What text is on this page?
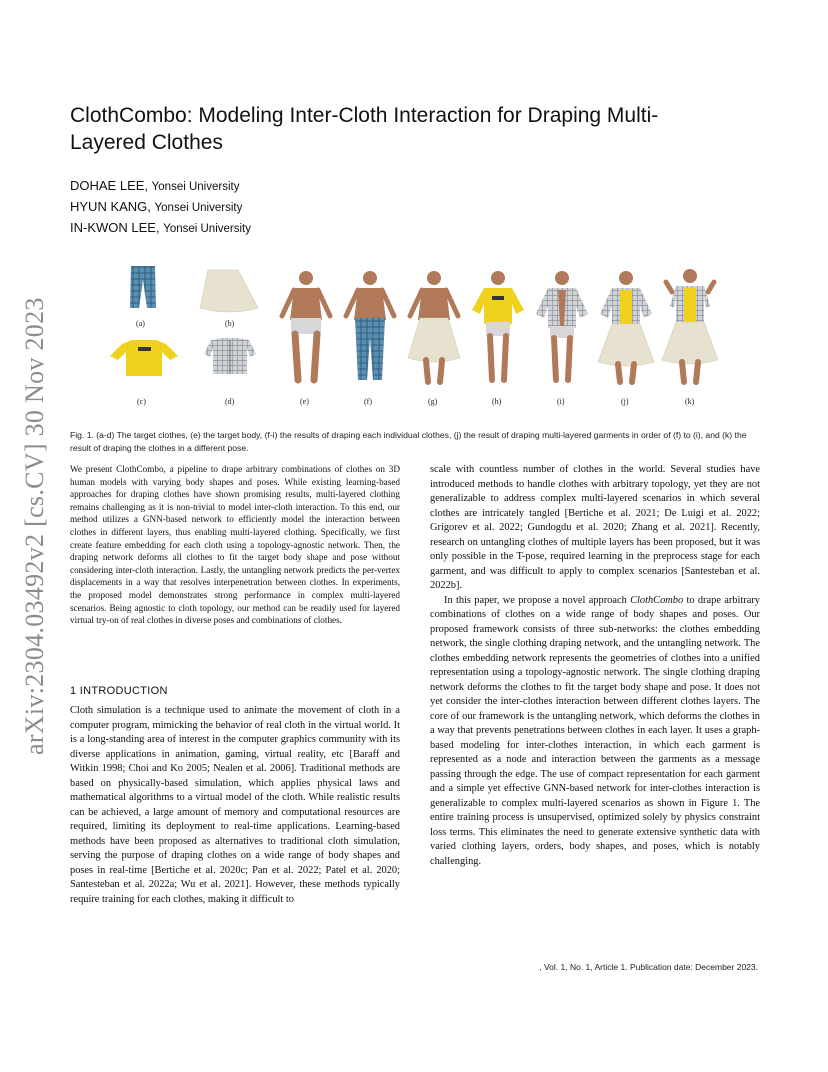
ClothCombo: Modeling Inter-Cloth Interaction for Draping Multi-Layered Clothes
DOHAE LEE, Yonsei University
HYUN KANG, Yonsei University
IN-KWON LEE, Yonsei University
arXiv:2304.03492v2 [cs.CV] 30 Nov 2023	(a)	(b)
(c)	(d)	(e)	(f)	(g)	(h)	(i)	(j)	(k)
Fig. 1. (a-d) The target clothes, (e) the target body, (f-i) the results of draping each individual clothes, (j) the result of draping multi-layered garments in order of (f) to (i), and (k) the result of draping the clothes in a different pose.
We present ClothCombo, a pipeline to drape arbitrary combinations of clothes on 3D human models with varying body shapes and poses. While existing learning-based approaches for draping clothes have shown promising results, multi-layered clothing remains challenging as it is non-trivial to model inter-cloth interaction. To this end, our method utilizes a GNN-based network to efficiently model the interaction between clothes in different layers, thus enabling multi-layered clothing. Specifically, we first create feature embedding for each cloth using a topology-agnostic network. Then, the draping network deforms all clothes to fit the target body shape and pose without considering inter-cloth interaction. Lastly, the untangling network predicts the per-vertex displacements in a way that resolves interpenetration between clothes. In experiments, the proposed model demonstrates strong performance in complex multi-layered scenarios. Being agnostic to cloth topology, our method can be readily used for layered virtual try-on of real clothes in diverse poses and combinations of clothes.
1 INTRODUCTION
Cloth simulation is a technique used to animate the movement of cloth in a computer program, mimicking the behavior of real cloth in the virtual world. It is a long-standing area of interest in the computer graphics community with its diverse applications in animation, gaming, virtual reality, etc [Baraff and Witkin 1998; Choi and Ko 2005; Nealen et al. 2006]. Traditional methods are based on physically-based simulation, which applies physical laws and mathematical algorithms to a virtual model of the cloth. While realistic results can be achieved, a large amount of memory and computational resources are required, limiting its deployment to real-time applications. Learning-based methods have been proposed as alternatives to traditional cloth simulation, serving the purpose of draping clothes on a wide range of body shapes and poses in real-time [Bertiche et al. 2020c; Pan et al. 2022; Patel et al. 2020; Santesteban et al. 2022a; Wu et al. 2021]. However, these methods typically require training for each clothes, making it difficult to

scale with countless number of clothes in the world. Several studies have introduced methods to handle clothes with arbitrary topology, yet they are not generalizable to address complex multi-layered scenarios in which several clothes are intricately tangled [Bertiche et al. 2021; De Luigi et al. 2022; Grigorev et al. 2022; Gundogdu et al. 2020; Zhang et al. 2021]. Recently, research on untangling clothes of multiple layers has been proposed, but it was only possible in the T-pose, required learning in the preprocess stage for each garment, and was difficult to apply to complex scenarios [Santesteban et al. 2022b].

In this paper, we propose a novel approach ClothCombo to drape arbitrary combinations of clothes on a wide range of body shapes and poses. Our proposed framework consists of three sub-networks: the clothes embedding network, the single clothing draping network, and the untangling network. The clothes embedding network represents the geometries of clothes into a unified representation using a topology-agnostic network. The single clothing draping network deforms the clothes to fit the target body shape and pose. It does not yet consider the inter-clothes interaction between different clothes layers. The core of our framework is the untangling network, which deforms the clothes in a way that prevents penetrations between clothes in each layer. It uses a graph-based modeling for inter-clothes interaction, in which each garment is represented as a node and interaction between the garments as a message passing through the edge. The use of compact representation for each garment and a simple yet effective GNN-based network for inter-clothes interaction is generalizable to complex multi-layered scenarios as shown in Figure 1. The entire training process is unsupervised, optimized solely by physics constraint loss terms. This eliminates the need to generate extensive synthetic data with varied clothing layers, orders, body shapes, and poses, which is notably challenging.

, Vol. 1, No. 1, Article 1. Publication date: December 2023.
